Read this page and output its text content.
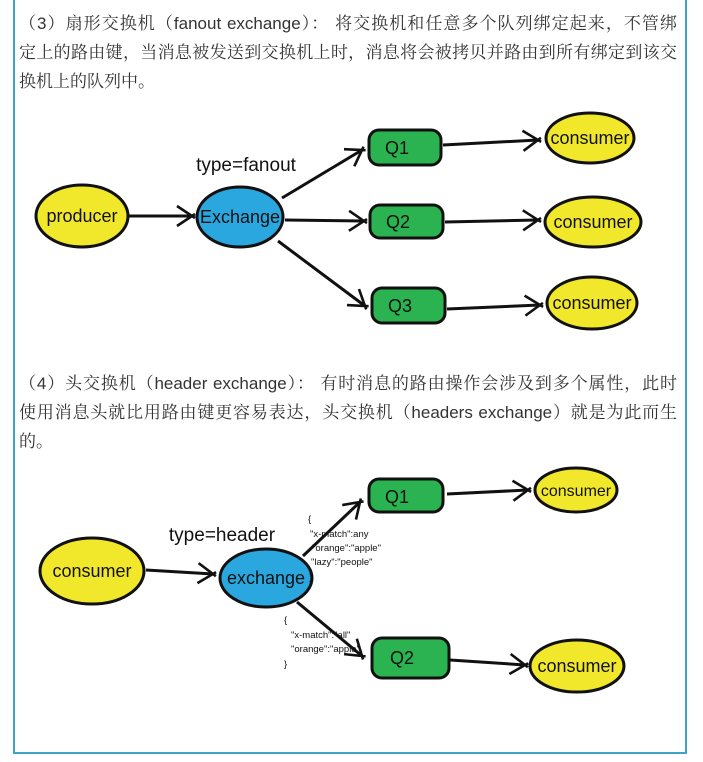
（3）扇形交换机（fanout exchange）： 将交换机和任意多个队列绑定起来，不管绑
定上的路由键，当消息被发送到交换机上时，消息将会被拷贝并路由到所有绑定到该交
换机上的队列中。
（4）头交换机（header exchange）： 有时消息的路由操作会涉及到多个属性，此时
使用消息头就比用路由键更容易表达，头交换机（headers exchange）就是为此而生
的。
type=fanout
producer	Exchange
Q1
Q2
Q3
consumer
consumer
consumer
type=header
consumer	exchange
Q1
Q2
consumer
consumer
{
"x-match":any
"orange":"apple"
"lazy":"people"
}
{
"x-match":"all"
"orange":"apple"
}
